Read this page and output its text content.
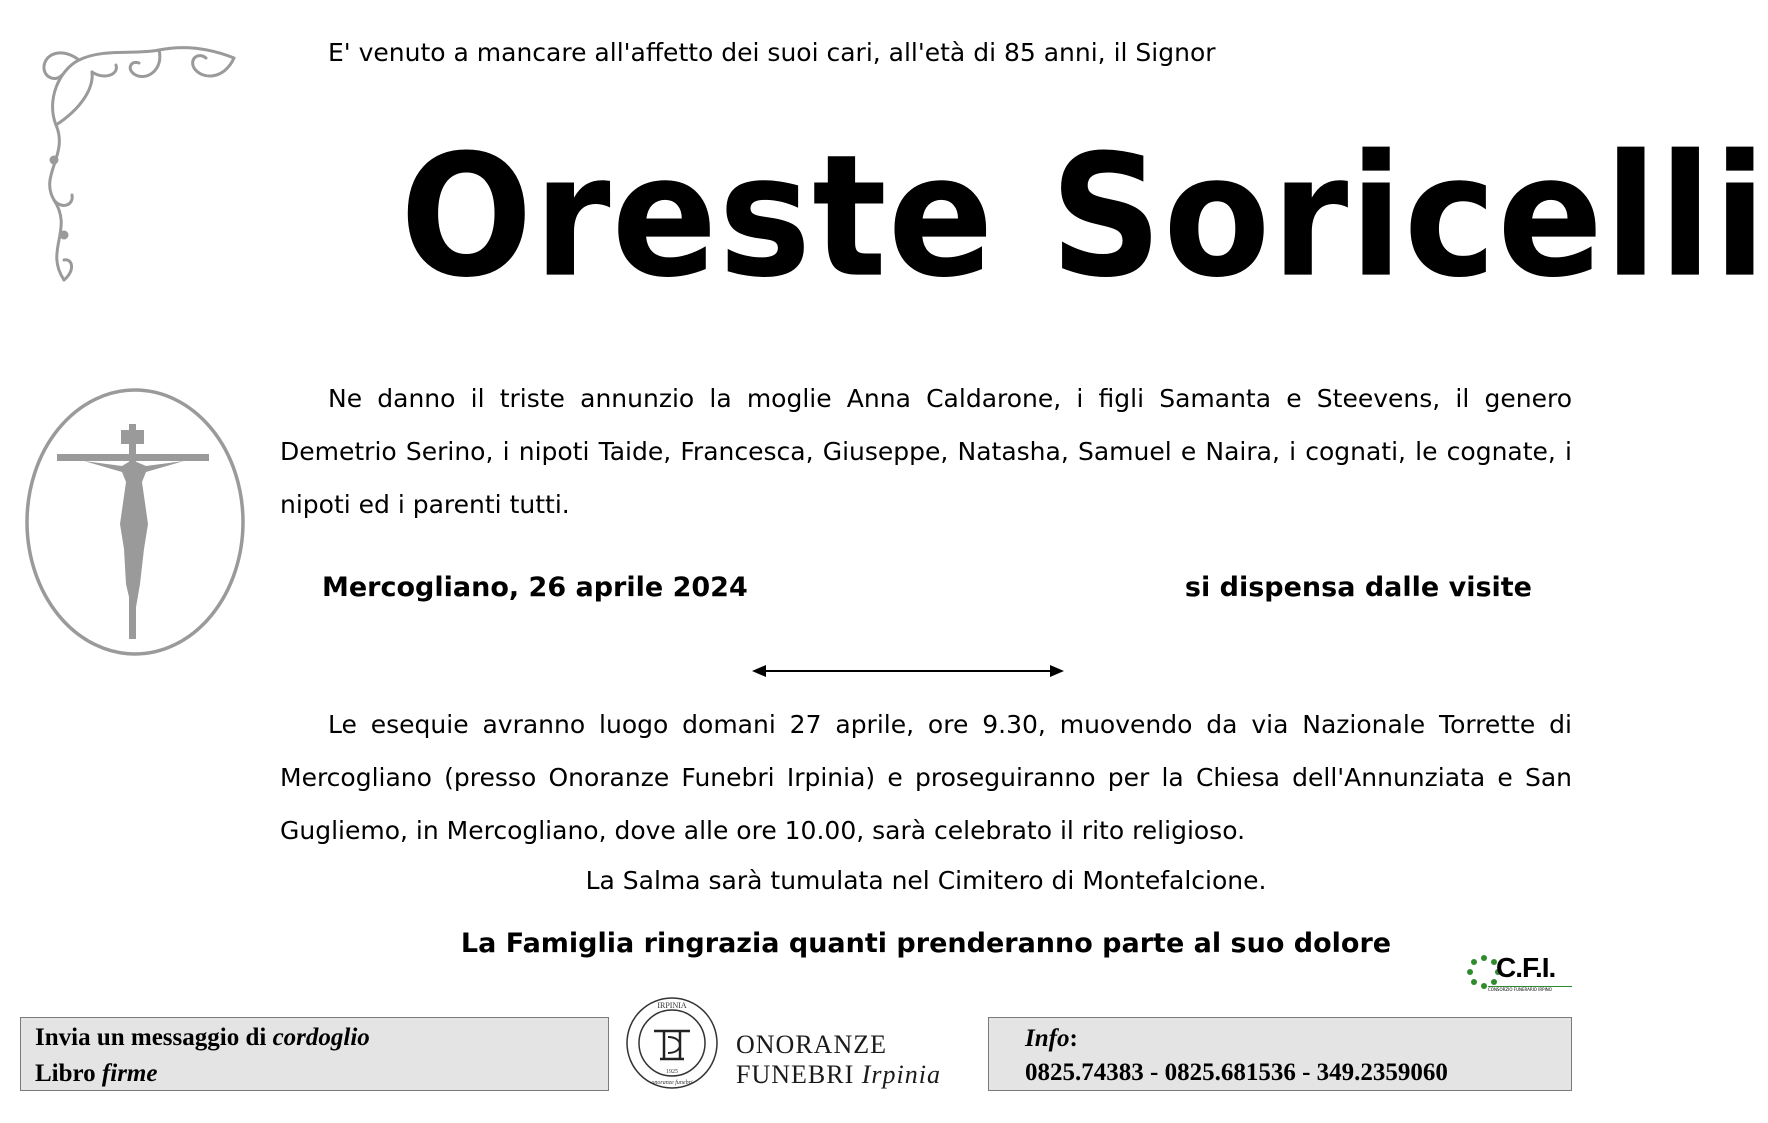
E' venuto a mancare all'affetto dei suoi cari, all'età di 85 anni, il Signor
Oreste Soricelli
Ne danno il triste annunzio la moglie Anna Caldarone, i figli Samanta e Steevens, il genero Demetrio Serino, i nipoti Taide, Francesca, Giuseppe, Natasha, Samuel e Naira, i cognati, le cognate, i nipoti ed i parenti tutti.
Mercogliano, 26 aprile 2024	si dispensa dalle visite
Le esequie avranno luogo domani 27 aprile, ore 9.30, muovendo da via Nazionale Torrette di Mercogliano (presso Onoranze Funebri Irpinia) e proseguiranno per la Chiesa dell'Annunziata e San Gugliemo, in Mercogliano, dove alle ore 10.00, sarà celebrato il rito religioso.
La Salma sarà tumulata nel Cimitero di Montefalcione.
La Famiglia ringrazia quanti prenderanno parte al suo dolore
C.F.I.
CONSORZIO FUNERARIO IRPINO
Invia un messaggio di cordoglio
Libro firme
IRPINIA
1925
onoranze funebri
ONORANZE
FUNEBRI Irpinia
Info:
0825.74383 - 0825.681536 - 349.2359060
